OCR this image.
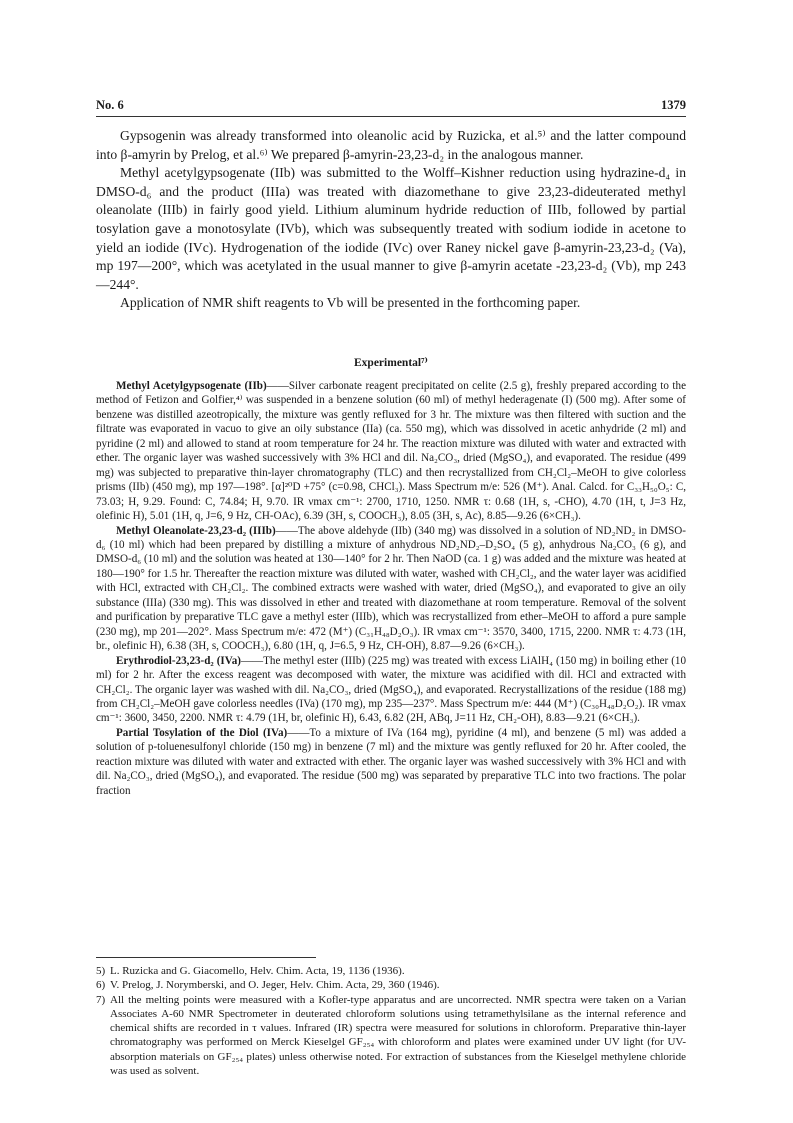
No. 6	1379

Gypsogenin was already transformed into oleanolic acid by Ruzicka, et al.⁵⁾ and the latter compound into β-amyrin by Prelog, et al.⁶⁾ We prepared β-amyrin-23,23-d₂ in the analogous manner.

Methyl acetylgypsogenate (IIb) was submitted to the Wolff–Kishner reduction using hydrazine-d₄ in DMSO-d₆ and the product (IIIa) was treated with diazomethane to give 23,23-dideuterated methyl oleanolate (IIIb) in fairly good yield. Lithium aluminum hydride reduction of IIIb, followed by partial tosylation gave a monotosylate (IVb), which was subsequently treated with sodium iodide in acetone to yield an iodide (IVc). Hydrogenation of the iodide (IVc) over Raney nickel gave β-amyrin-23,23-d₂ (Va), mp 197—200°, which was acetylated in the usual manner to give β-amyrin acetate -23,23-d₂ (Vb), mp 243—244°.

Application of NMR shift reagents to Vb will be presented in the forthcoming paper.

Experimental⁷⁾

Methyl Acetylgypsogenate (IIb)——Silver carbonate reagent precipitated on celite (2.5 g), freshly prepared according to the method of Fetizon and Golfier,⁴⁾ was suspended in a benzene solution (60 ml) of methyl hederagenate (I) (500 mg). After some of benzene was distilled azeotropically, the mixture was gently refluxed for 3 hr. The mixture was then filtered with suction and the filtrate was evaporated in vacuo to give an oily substance (IIa) (ca. 550 mg), which was dissolved in acetic anhydride (2 ml) and pyridine (2 ml) and allowed to stand at room temperature for 24 hr. The reaction mixture was diluted with water and extracted with ether. The organic layer was washed successively with 3% HCl and dil. Na₂CO₃, dried (MgSO₄), and evaporated. The residue (499 mg) was subjected to preparative thin-layer chromatography (TLC) and then recrystallized from CH₂Cl₂–MeOH to give colorless prisms (IIb) (450 mg), mp 197—198°. [α]²⁰D +75° (c=0.98, CHCl₃). Mass Spectrum m/e: 526 (M⁺). Anal. Calcd. for C₃₃H₅₀O₅: C, 73.03; H, 9.29. Found: C, 74.84; H, 9.70. IR νmax cm⁻¹: 2700, 1710, 1250. NMR τ: 0.68 (1H, s, -CHO), 4.70 (1H, t, J=3 Hz, olefinic H), 5.01 (1H, q, J=6, 9 Hz, CH-OAc), 6.39 (3H, s, COOCH₃), 8.05 (3H, s, Ac), 8.85—9.26 (6×CH₃).

Methyl Oleanolate-23,23-d₂ (IIIb)——The above aldehyde (IIb) (340 mg) was dissolved in a solution of ND₂ND₂ in DMSO-d₆ (10 ml) which had been prepared by distilling a mixture of anhydrous ND₂ND₂–D₂SO₄ (5 g), anhydrous Na₂CO₃ (6 g), and DMSO-d₆ (10 ml) and the solution was heated at 130—140° for 2 hr. Then NaOD (ca. 1 g) was added and the mixture was heated at 180—190° for 1.5 hr. Thereafter the reaction mixture was diluted with water, washed with CH₂Cl₂, and the water layer was acidified with HCl, extracted with CH₂Cl₂. The combined extracts were washed with water, dried (MgSO₄), and evaporated to give an oily substance (IIIa) (330 mg). This was dissolved in ether and treated with diazomethane at room temperature. Removal of the solvent and purification by preparative TLC gave a methyl ester (IIIb), which was recrystallized from ether–MeOH to afford a pure sample (230 mg), mp 201—202°. Mass Spectrum m/e: 472 (M⁺) (C₃₁H₄₈D₂O₃). IR νmax cm⁻¹: 3570, 3400, 1715, 2200. NMR τ: 4.73 (1H, br., olefinic H), 6.38 (3H, s, COOCH₃), 6.80 (1H, q, J=6.5, 9 Hz, CH-OH), 8.87—9.26 (6×CH₃).

Erythrodiol-23,23-d₂ (IVa)——The methyl ester (IIIb) (225 mg) was treated with excess LiAlH₄ (150 mg) in boiling ether (10 ml) for 2 hr. After the excess reagent was decomposed with water, the mixture was acidified with dil. HCl and extracted with CH₂Cl₂. The organic layer was washed with dil. Na₂CO₃, dried (MgSO₄), and evaporated. Recrystallizations of the residue (188 mg) from CH₂Cl₂–MeOH gave colorless needles (IVa) (170 mg), mp 235—237°. Mass Spectrum m/e: 444 (M⁺) (C₃₀H₄₈D₂O₂). IR νmax cm⁻¹: 3600, 3450, 2200. NMR τ: 4.79 (1H, br, olefinic H), 6.43, 6.82 (2H, ABq, J=11 Hz, CH₂-OH), 8.83—9.21 (6×CH₃).

Partial Tosylation of the Diol (IVa)——To a mixture of IVa (164 mg), pyridine (4 ml), and benzene (5 ml) was added a solution of p-toluenesulfonyl chloride (150 mg) in benzene (7 ml) and the mixture was gently refluxed for 20 hr. After cooled, the reaction mixture was diluted with water and extracted with ether. The organic layer was washed successively with 3% HCl and with dil. Na₂CO₃, dried (MgSO₄), and evaporated. The residue (500 mg) was separated by preparative TLC into two fractions. The polar fraction

5) L. Ruzicka and G. Giacomello, Helv. Chim. Acta, 19, 1136 (1936).
6) V. Prelog, J. Norymberski, and O. Jeger, Helv. Chim. Acta, 29, 360 (1946).
7) All the melting points were measured with a Kofler-type apparatus and are uncorrected. NMR spectra were taken on a Varian Associates A-60 NMR Spectrometer in deuterated chloroform solutions using tetramethylsilane as the internal reference and chemical shifts are recorded in τ values. Infrared (IR) spectra were measured for solutions in chloroform. Preparative thin-layer chromatography was performed on Merck Kieselgel GF₂₅₄ with chloroform and plates were examined under UV light (for UV- absorption materials on GF₂₅₄ plates) unless otherwise noted. For extraction of substances from the Kieselgel methylene chloride was used as solvent.
